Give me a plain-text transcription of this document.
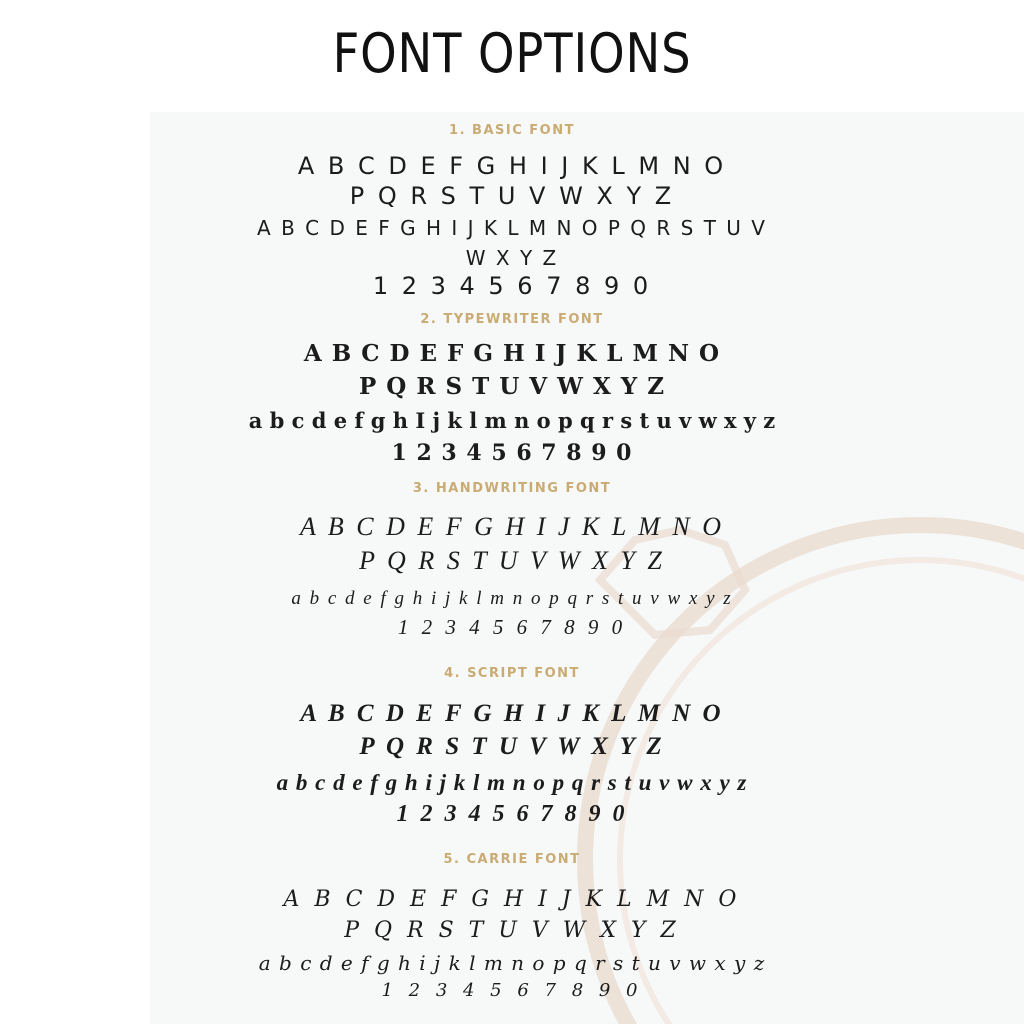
FONT OPTIONS
1. BASIC FONT
A B C D E F G H I J K L M N O
P Q R S T U V W X Y Z
A B C D E F G H I J K L M N O P Q R S T U V
W X Y Z
1 2 3 4 5 6 7 8 9 0
2. TYPEWRITER FONT
A B C D E F G H I J K L M N O
P Q R S T U V W X Y Z
a b c d e f g h I j k l m n o p q r s t u v w x y z
1 2 3 4 5 6 7 8 9 0
3. HANDWRITING FONT
A B C D E F G H I J K L M N O
P Q R S T U V W X Y Z
a b c d e f g h i j k l m n o p q r s t u v w x y z
1 2 3 4 5 6 7 8 9 0
4. SCRIPT FONT
A B C D E F G H I J K L M N O
P Q R S T U V W X Y Z
a b c d e f g h i j k l m n o p q r s t u v w x y z
1 2 3 4 5 6 7 8 9 0
5. CARRIE FONT
A B C D E F G H I J K L M N O
P Q R S T U V W X Y Z
a b c d e f g h i j k l m n o p q r s t u v w x y z
1 2 3 4 5 6 7 8 9 0
